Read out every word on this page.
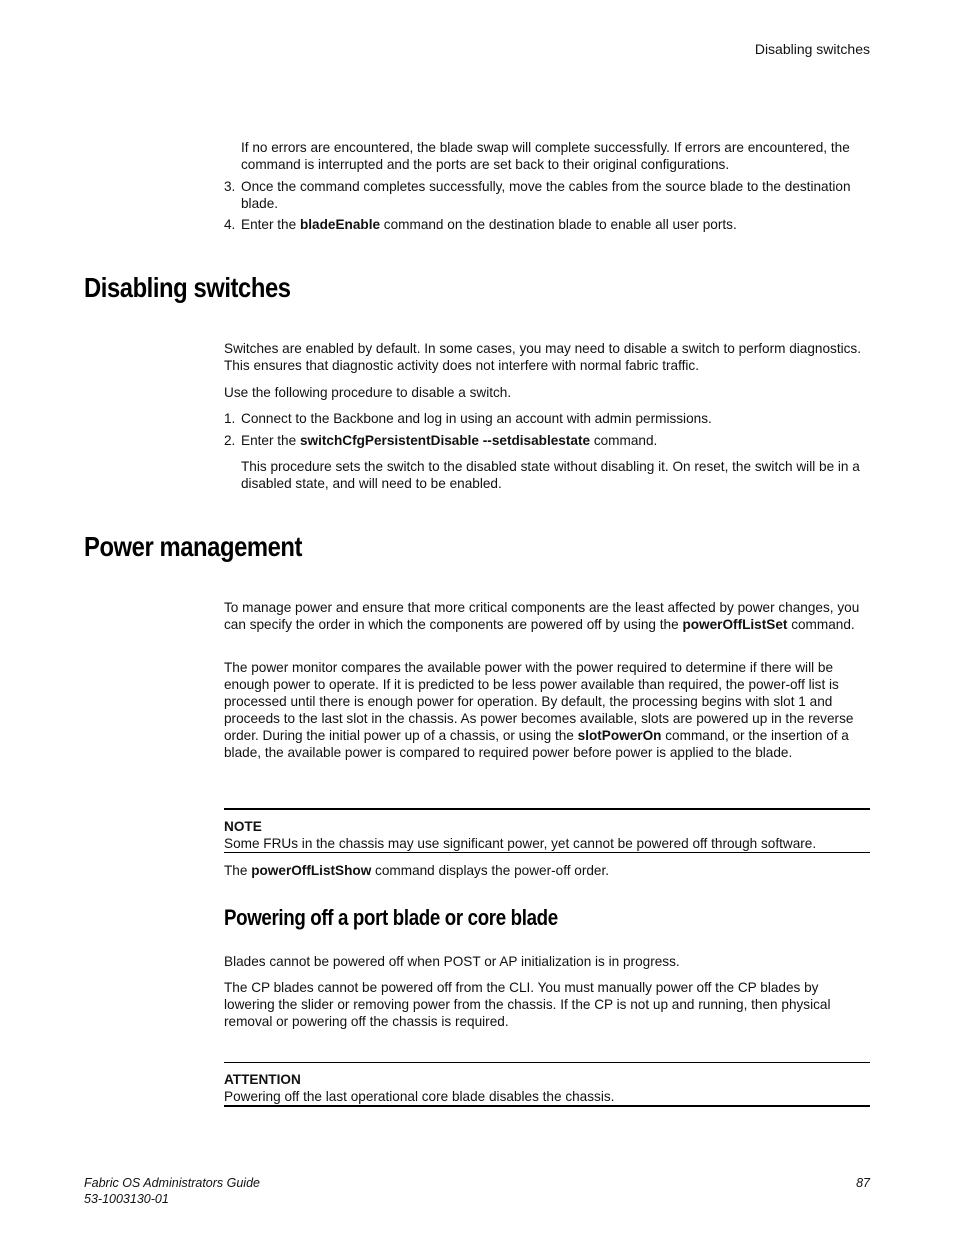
Disabling switches

If no errors are encountered, the blade swap will complete successfully. If errors are encountered, the command is interrupted and the ports are set back to their original configurations.

3. Once the command completes successfully, move the cables from the source blade to the destination blade.

4. Enter the bladeEnable command on the destination blade to enable all user ports.

Disabling switches

Switches are enabled by default. In some cases, you may need to disable a switch to perform diagnostics. This ensures that diagnostic activity does not interfere with normal fabric traffic.

Use the following procedure to disable a switch.

1. Connect to the Backbone and log in using an account with admin permissions.

2. Enter the switchCfgPersistentDisable --setdisablestate command.

This procedure sets the switch to the disabled state without disabling it. On reset, the switch will be in a disabled state, and will need to be enabled.

Power management

To manage power and ensure that more critical components are the least affected by power changes, you can specify the order in which the components are powered off by using the powerOffListSet command.

The power monitor compares the available power with the power required to determine if there will be enough power to operate. If it is predicted to be less power available than required, the power-off list is processed until there is enough power for operation. By default, the processing begins with slot 1 and proceeds to the last slot in the chassis. As power becomes available, slots are powered up in the reverse order. During the initial power up of a chassis, or using the slotPowerOn command, or the insertion of a blade, the available power is compared to required power before power is applied to the blade.

NOTE
Some FRUs in the chassis may use significant power, yet cannot be powered off through software.

The powerOffListShow command displays the power-off order.

Powering off a port blade or core blade

Blades cannot be powered off when POST or AP initialization is in progress.

The CP blades cannot be powered off from the CLI. You must manually power off the CP blades by lowering the slider or removing power from the chassis. If the CP is not up and running, then physical removal or powering off the chassis is required.

ATTENTION
Powering off the last operational core blade disables the chassis.
Fabric OS Administrators Guide
53-1003130-01
87
